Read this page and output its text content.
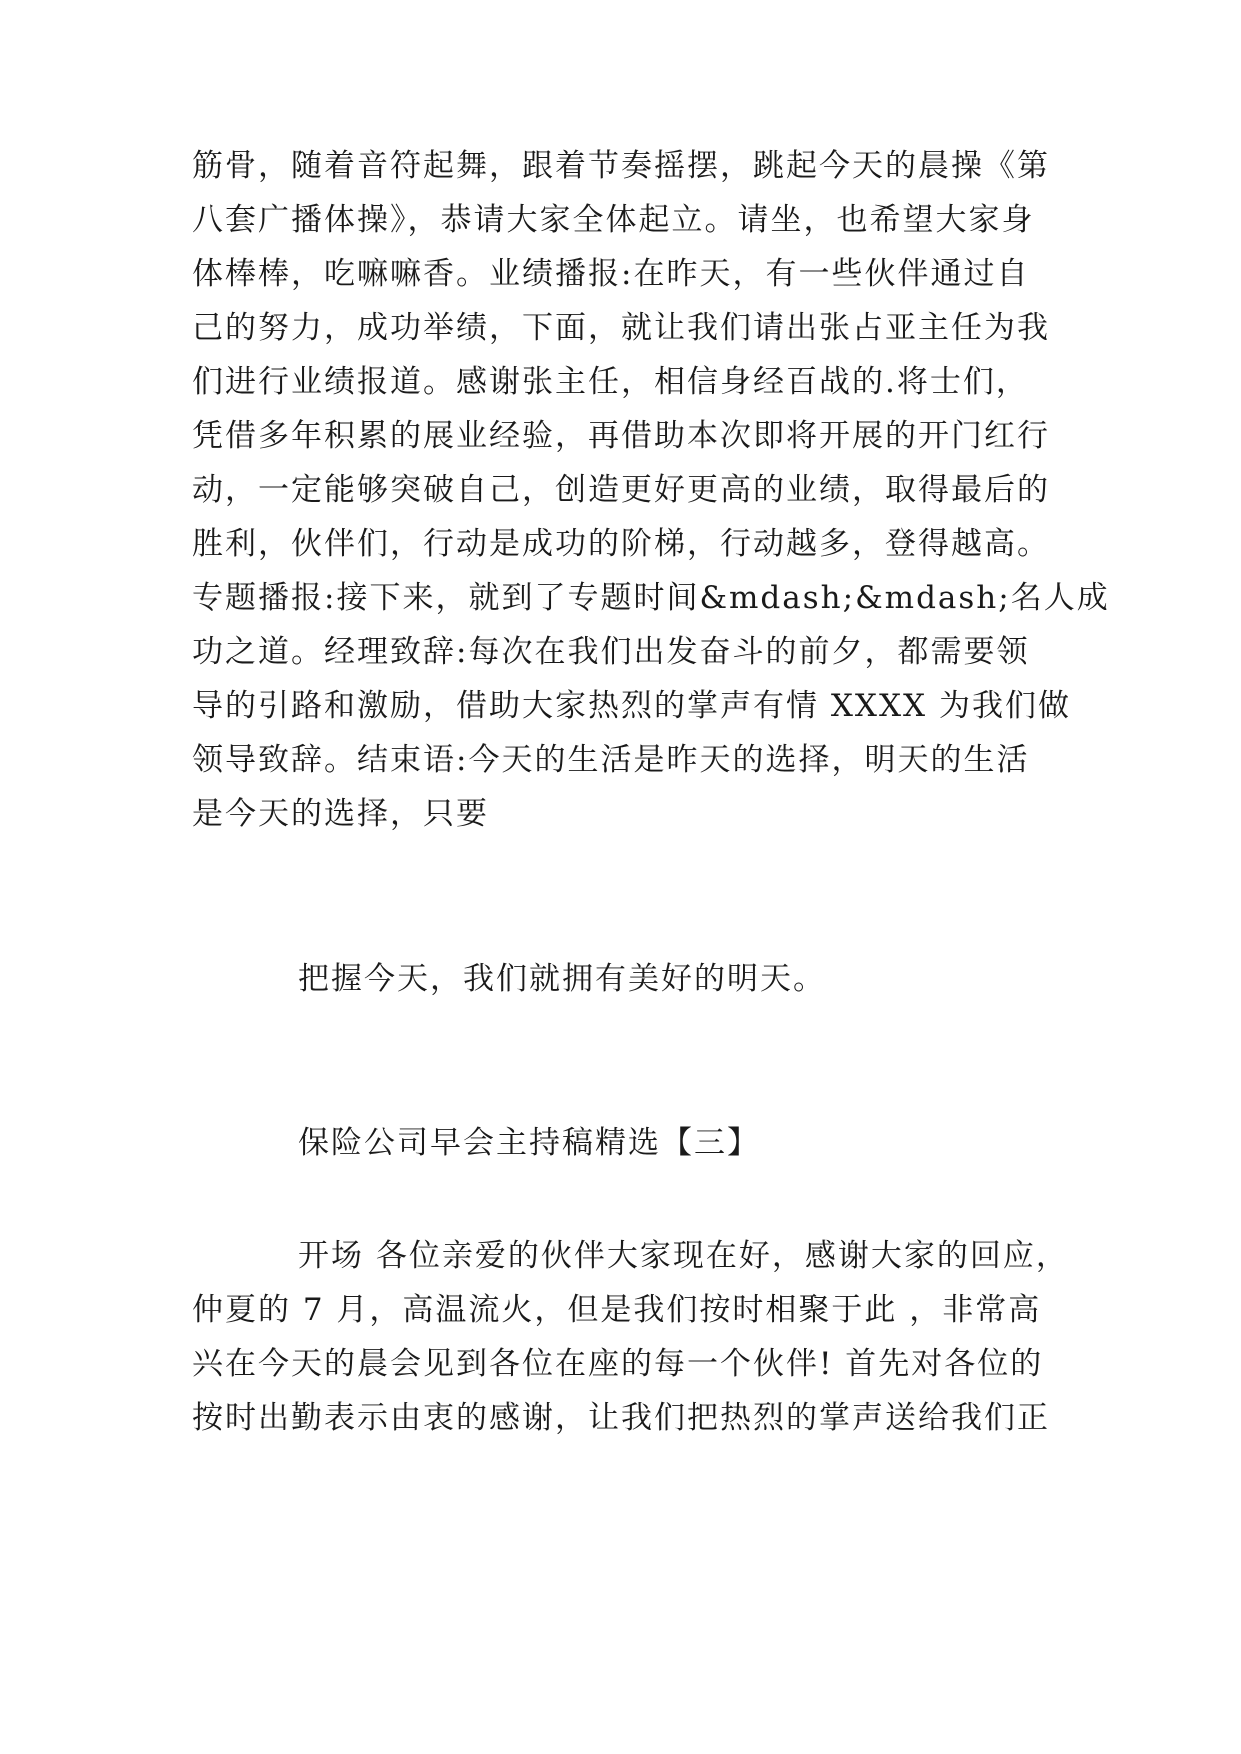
筋骨，随着音符起舞，跟着节奏摇摆，跳起今天的晨操《第
八套广播体操》，恭请大家全体起立。请坐，也希望大家身
体棒棒，吃嘛嘛香。业绩播报:在昨天，有一些伙伴通过自
己的努力，成功举绩，下面，就让我们请出张占亚主任为我
们进行业绩报道。感谢张主任，相信身经百战的.将士们，
凭借多年积累的展业经验，再借助本次即将开展的开门红行
动，一定能够突破自己，创造更好更高的业绩，取得最后的
胜利，伙伴们，行动是成功的阶梯，行动越多，登得越高。
专题播报:接下来，就到了专题时间&mdash;&mdash;名人成
功之道。经理致辞:每次在我们出发奋斗的前夕，都需要领
导的引路和激励，借助大家热烈的掌声有情 XXXX 为我们做
领导致辞。结束语:今天的生活是昨天的选择，明天的生活
是今天的选择，只要
把握今天，我们就拥有美好的明天。
保险公司早会主持稿精选【三】
开场 各位亲爱的伙伴大家现在好，感谢大家的回应，
仲夏的 7 月，高温流火，但是我们按时相聚于此 ，非常高
兴在今天的晨会见到各位在座的每一个伙伴! 首先对各位的
按时出勤表示由衷的感谢，让我们把热烈的掌声送给我们正
